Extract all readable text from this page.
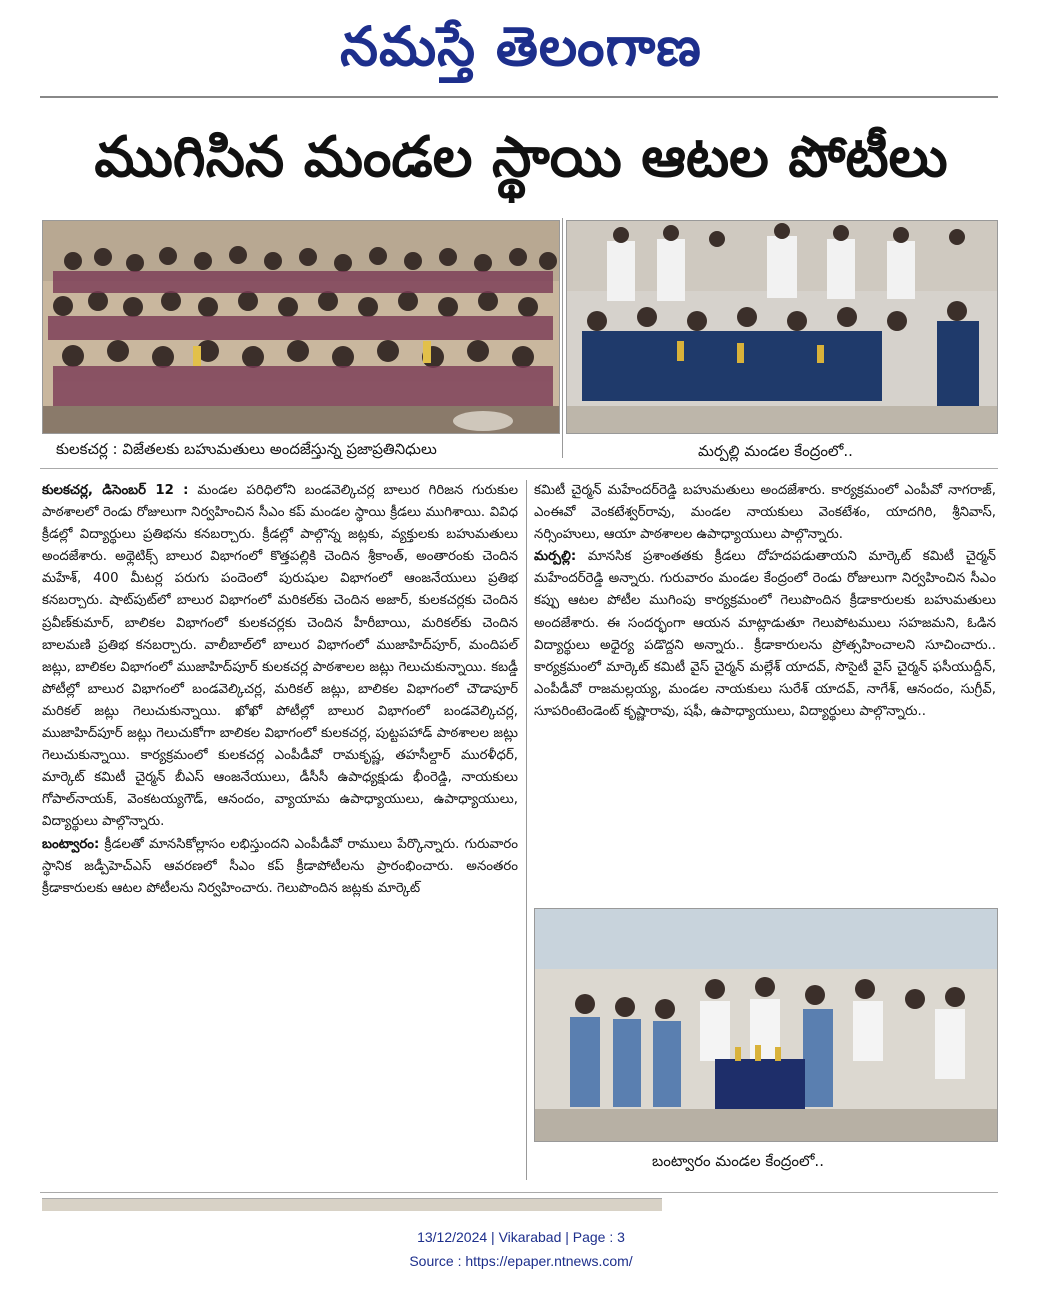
నమస్తే తెలంగాణ
ముగిసిన మండల స్థాయి ఆటల పోటీలు
కులకచర్ల : విజేతలకు బహుమతులు అందజేస్తున్న ప్రజాప్రతినిధులు	మర్పల్లి మండల కేంద్రంలో..

కులకచర్ల, డిసెంబర్ 12 : మండల పరిధిలోని బండవెల్కిచర్ల బాలుర గిరిజన గురుకుల పాఠశాలలో రెండు రోజులుగా నిర్వహించిన సీఎం కప్ మండల స్థాయి క్రీడలు ముగిశాయి. వివిధ క్రీడల్లో విద్యార్థులు ప్రతిభను కనబర్చారు. క్రీడల్లో పాల్గొన్న జట్లకు, వ్యక్తులకు బహుమతులు అందజేశారు. అథ్లెటిక్స్ బాలుర విభాగంలో కొత్తపల్లికి చెందిన శ్రీకాంత్, అంతారంకు చెందిన మహేశ్, 400 మీటర్ల పరుగు పందెంలో పురుషుల విభాగంలో ఆంజనేయులు ప్రతిభ కనబర్చారు. షాట్‌పుట్‌లో బాలుర విభాగంలో మరికల్‌కు చెందిన అజార్, కులకచర్లకు చెందిన ప్రవీణ్‌కుమార్, బాలికల విభాగంలో కులకచర్లకు చెందిన హీరీబాయి, మరికల్‌కు చెందిన బాలమణి ప్రతిభ కనబర్చారు. వాలీబాల్‌లో బాలుర విభాగంలో ముజాహిద్‌పూర్, మందిపల్ జట్లు, బాలికల విభాగంలో ముజాహిద్‌పూర్ కులకచర్ల పాఠశాలల జట్లు గెలుచుకున్నాయి. కబడ్డీ పోటీల్లో బాలుర విభాగంలో బండవెల్కిచర్ల, మరికల్ జట్లు, బాలికల విభాగంలో చౌడాపూర్ మరికల్ జట్లు గెలుచుకున్నాయి. ఖోఖో పోటీల్లో బాలుర విభాగంలో బండవెల్కిచర్ల, ముజాహిద్‌పూర్ జట్లు గెలుచుకోగా బాలికల విభాగంలో కులకచర్ల, పుట్టపహాడ్ పాఠశాలల జట్లు గెలుచుకున్నాయి. కార్యక్రమంలో కులకచర్ల ఎంపీడీవో రామకృష్ణ, తహసీల్దార్ మురళీధర్, మార్కెట్ కమిటీ చైర్మన్ బీఎస్ ఆంజనేయులు, డీసీసీ ఉపాధ్యక్షుడు భీంరెడ్డి, నాయకులు గోపాల్‌నాయక్, వెంకటయ్యగౌడ్, ఆనందం, వ్యాయామ ఉపాధ్యాయులు, ఉపాధ్యాయులు, విద్యార్థులు పాల్గొన్నారు.

బంట్వారం: క్రీడలతో మానసికోల్లాసం లభిస్తుందని ఎంపీడీవో రాములు పేర్కొన్నారు. గురువారం స్థానిక జడ్పీహెచ్‌ఎస్ ఆవరణలో సీఎం కప్ క్రీడాపోటీలను ప్రారంభించారు. అనంతరం క్రీడాకారులకు ఆటల పోటీలను నిర్వహించారు. గెలుపొందిన జట్లకు మార్కెట్

కమిటీ చైర్మన్ మహేందర్‌రెడ్డి బహుమతులు అందజేశారు. కార్యక్రమంలో ఎంపీవో నాగరాజ్, ఎంఈవో వెంకటేశ్వర్‌రావు, మండల నాయకులు వెంకటేశం, యాదగిరి, శ్రీనివాస్, నర్సింహులు, ఆయా పాఠశాలల ఉపాధ్యాయులు పాల్గొన్నారు.

మర్పల్లి: మానసిక ప్రశాంతతకు క్రీడలు దోహదపడుతాయని మార్కెట్ కమిటీ చైర్మన్ మహేందర్‌రెడ్డి అన్నారు. గురువారం మండల కేంద్రంలో రెండు రోజులుగా నిర్వహించిన సీఎం కప్పు ఆటల పోటీల ముగింపు కార్యక్రమంలో గెలుపొందిన క్రీడాకారులకు బహుమతులు అందజేశారు. ఈ సందర్భంగా ఆయన మాట్లాడుతూ గెలుపోటములు సహజమని, ఓడిన విద్యార్థులు అధైర్య పడొద్దని అన్నారు.. క్రీడాకారులను ప్రోత్సహించాలని సూచించారు.. కార్యక్రమంలో మార్కెట్ కమిటీ వైస్ చైర్మన్ మల్లేశ్ యాదవ్, సొసైటీ వైస్ చైర్మన్ ఫసీయుద్దీన్, ఎంపీడీవో రాజమల్లయ్య, మండల నాయకులు సురేశ్ యాదవ్, నాగేశ్, ఆనందం, సుగ్రీవ్, సూపరింటెండెంట్ కృష్ణారావు, షఫీ, ఉపాధ్యాయులు, విద్యార్థులు పాల్గొన్నారు..

బంట్వారం మండల కేంద్రంలో..
13/12/2024 | Vikarabad | Page : 3
Source : https://epaper.ntnews.com/
